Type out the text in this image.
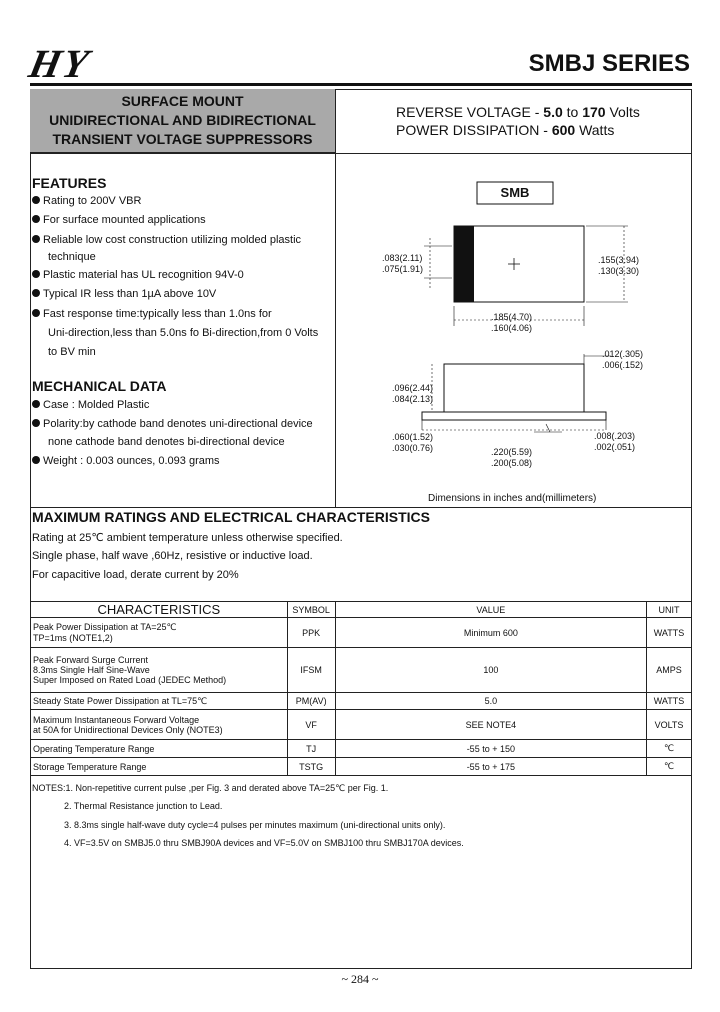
HY	SMBJ SERIES
SURFACE MOUNT
UNIDIRECTIONAL AND BIDIRECTIONAL
TRANSIENT VOLTAGE SUPPRESSORS
REVERSE VOLTAGE - 5.0 to 170 Volts
POWER DISSIPATION - 600 Watts
FEATURES
Rating to 200V VBR
For surface mounted applications
Reliable low cost construction utilizing molded plastic
technique
Plastic material has UL recognition 94V-0
Typical IR less than 1µA above 10V
Fast response time:typically less than 1.0ns for
Uni-direction,less than 5.0ns fo Bi-direction,from 0 Volts
to BV min
MECHANICAL DATA
Case : Molded Plastic
Polarity:by cathode band denotes uni-directional device
none cathode band denotes bi-directional device
Weight : 0.003 ounces, 0.093 grams
SMB
.083(2.11)
.075(1.91)
.155(3.94)
.130(3.30)
.185(4.70)
.160(4.06)
.012(.305)
.006(.152)
.096(2.44)
.084(2.13)
.060(1.52)
.030(0.76)
.008(.203)
.002(.051)
.220(5.59)
.200(5.08)
Dimensions in inches and(millimeters)
MAXIMUM RATINGS AND ELECTRICAL CHARACTERISTICS
Rating at 25℃ ambient temperature unless otherwise specified.
Single phase, half wave ,60Hz, resistive or inductive load.
For capacitive load, derate current by 20%
CHARACTERISTICS	SYMBOL	VALUE	UNIT

Peak Power Dissipation at TA=25℃
TP=1ms (NOTE1,2)	PPK	Minimum 600	WATTS

Peak Forward Surge Current
8.3ms Single Half Sine-Wave
Super Imposed on Rated Load (JEDEC Method)	IFSM	100	AMPS
Steady State Power Dissipation at TL=75℃	PM(AV)	5.0	WATTS

Maximum Instantaneous Forward Voltage
at 50A for Unidirectional Devices Only (NOTE3)	VF	SEE NOTE4	VOLTS
Operating Temperature Range	TJ	-55 to + 150	℃
Storage Temperature Range	TSTG	-55 to + 175	℃
NOTES:1. Non-repetitive current pulse ,per Fig. 3 and derated above TA=25℃ per Fig. 1.
2. Thermal Resistance junction to Lead.
3. 8.3ms single half-wave duty cycle=4 pulses per minutes maximum (uni-directional units only).
4. VF=3.5V on SMBJ5.0 thru SMBJ90A devices and VF=5.0V on SMBJ100 thru SMBJ170A devices.
~ 284 ~
